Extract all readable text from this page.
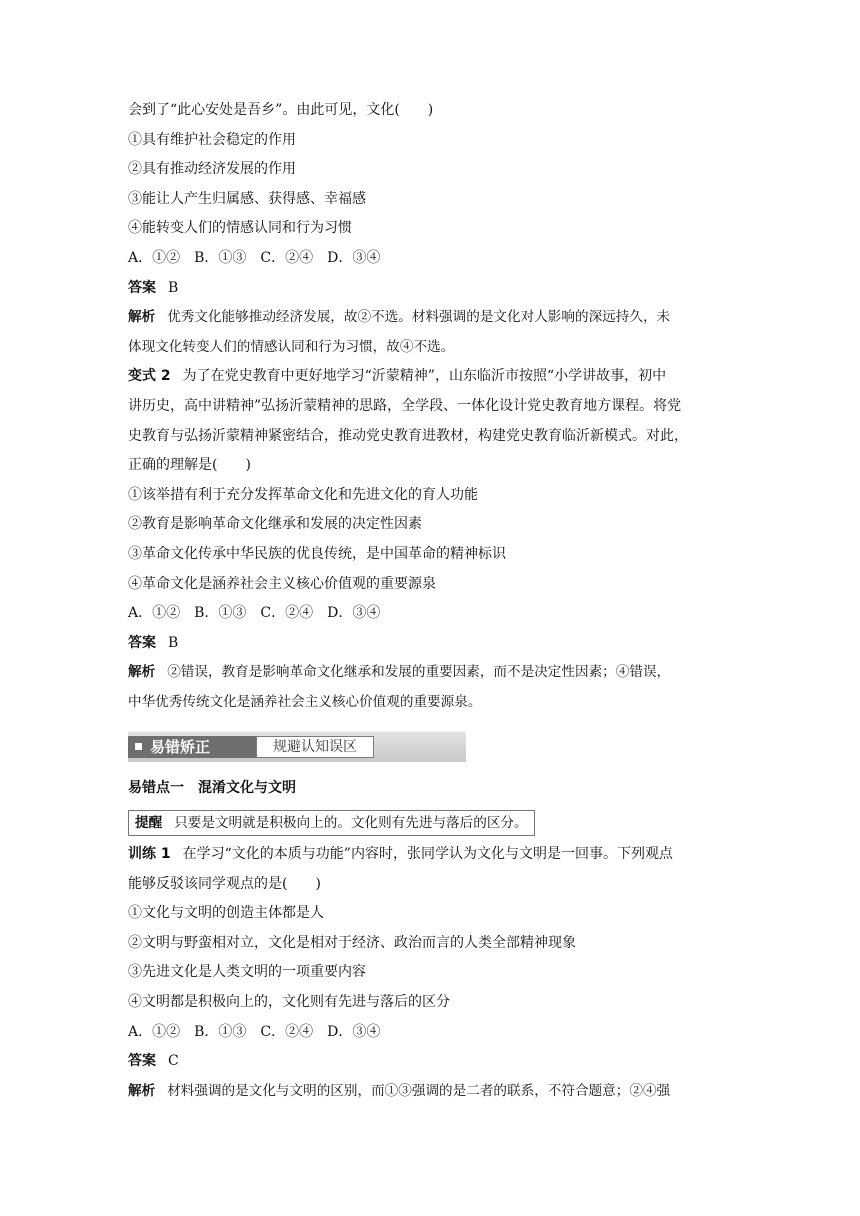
会到了“此心安处是吾乡”。由此可见，文化(　　)
①具有维护社会稳定的作用
②具有推动经济发展的作用
③能让人产生归属感、获得感、幸福感
④能转变人们的情感认同和行为习惯
A．①②　B．①③　C．②④　D．③④
答案 B
解析 优秀文化能够推动经济发展，故②不选。材料强调的是文化对人影响的深远持久，未
体现文化转变人们的情感认同和行为习惯，故④不选。
变式 2 为了在党史教育中更好地学习“沂蒙精神”，山东临沂市按照“小学讲故事，初中
讲历史，高中讲精神”弘扬沂蒙精神的思路，全学段、一体化设计党史教育地方课程。将党
史教育与弘扬沂蒙精神紧密结合，推动党史教育进教材，构建党史教育临沂新模式。对此，
正确的理解是(　　)
①该举措有利于充分发挥革命文化和先进文化的育人功能
②教育是影响革命文化继承和发展的决定性因素
③革命文化传承中华民族的优良传统，是中国革命的精神标识
④革命文化是涵养社会主义核心价值观的重要源泉
A．①②　B．①③　C．②④　D．③④
答案 B
解析 ②错误，教育是影响革命文化继承和发展的重要因素，而不是决定性因素；④错误，
中华优秀传统文化是涵养社会主义核心价值观的重要源泉。
易错矫正	规避认知误区
易错点一　混淆文化与文明
提醒 只要是文明就是积极向上的。文化则有先进与落后的区分。
训练 1 在学习“文化的本质与功能”内容时，张同学认为文化与文明是一回事。下列观点
能够反驳该同学观点的是(　　)
①文化与文明的创造主体都是人
②文明与野蛮相对立，文化是相对于经济、政治而言的人类全部精神现象
③先进文化是人类文明的一项重要内容
④文明都是积极向上的，文化则有先进与落后的区分
A．①②　B．①③　C．②④　D．③④
答案 C
解析 材料强调的是文化与文明的区别，而①③强调的是二者的联系，不符合题意；②④强
